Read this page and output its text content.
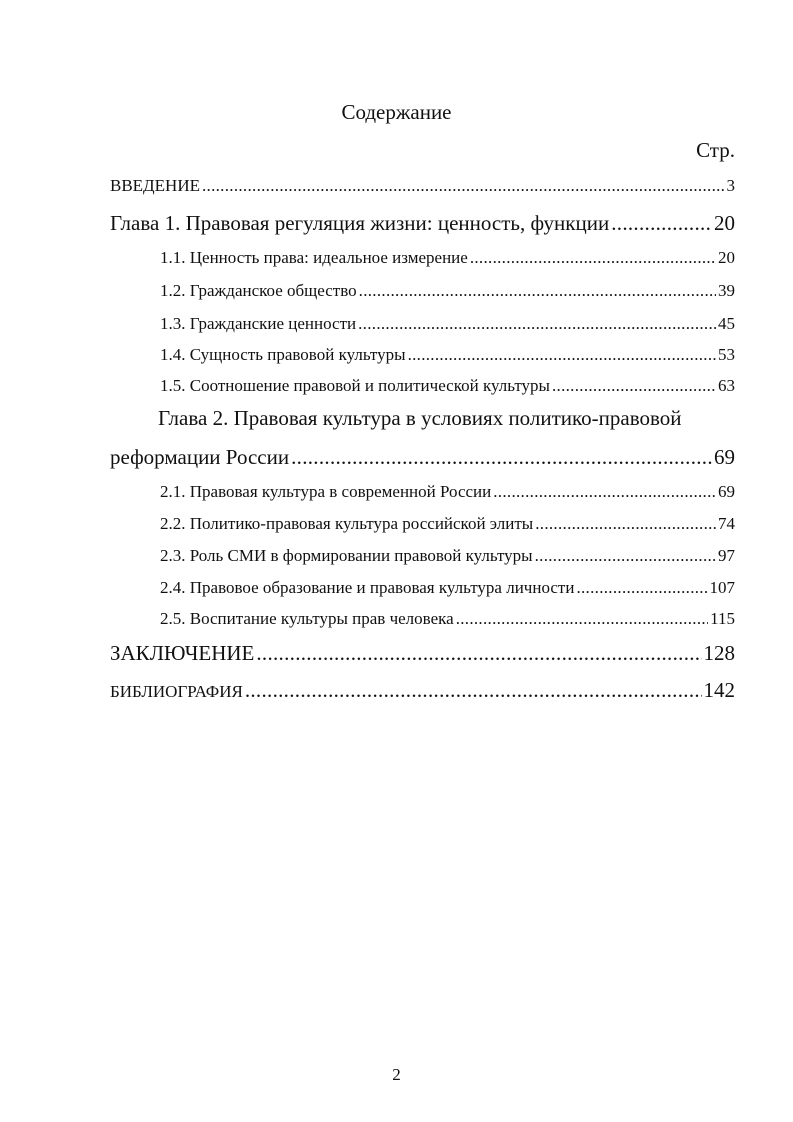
Содержание
Стр.
ВВЕДЕНИЕ .....	3
Глава 1. Правовая регуляция жизни: ценность, функции .....	20
1.1. Ценность права: идеальное измерение .....	20
1.2. Гражданское общество .....	39
1.3. Гражданские ценности .....	45
1.4. Сущность правовой культуры .....	53
1.5. Соотношение правовой и политической культуры .....	63
Глава 2. Правовая культура в условиях политико-правовой
реформации России .....	69
2.1. Правовая культура в современной России .....	69
2.2. Политико-правовая культура российской элиты .....	74
2.3. Роль СМИ в формировании правовой культуры .....	97
2.4. Правовое образование и правовая культура личности .....	107
2.5. Воспитание культуры прав человека .....	115
ЗАКЛЮЧЕНИЕ .....	128
БИБЛИОГРАФИЯ .....	142
2
